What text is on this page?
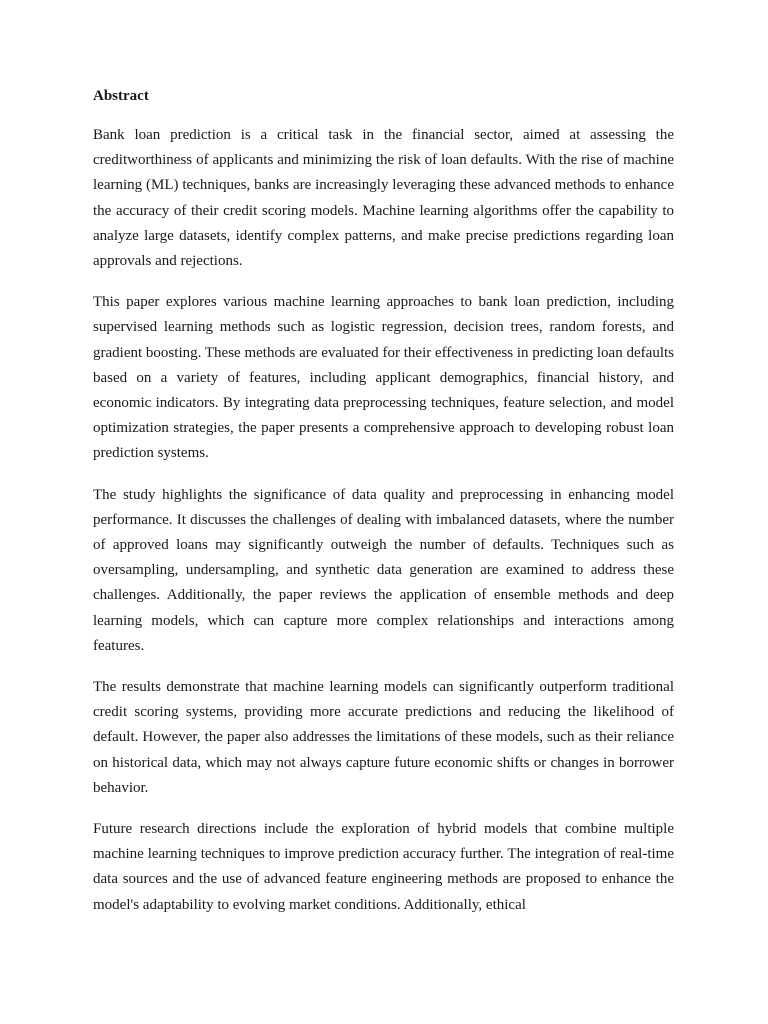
Abstract

Bank loan prediction is a critical task in the financial sector, aimed at assessing the creditworthiness of applicants and minimizing the risk of loan defaults. With the rise of machine learning (ML) techniques, banks are increasingly leveraging these advanced methods to enhance the accuracy of their credit scoring models. Machine learning algorithms offer the capability to analyze large datasets, identify complex patterns, and make precise predictions regarding loan approvals and rejections.

This paper explores various machine learning approaches to bank loan prediction, including supervised learning methods such as logistic regression, decision trees, random forests, and gradient boosting. These methods are evaluated for their effectiveness in predicting loan defaults based on a variety of features, including applicant demographics, financial history, and economic indicators. By integrating data preprocessing techniques, feature selection, and model optimization strategies, the paper presents a comprehensive approach to developing robust loan prediction systems.

The study highlights the significance of data quality and preprocessing in enhancing model performance. It discusses the challenges of dealing with imbalanced datasets, where the number of approved loans may significantly outweigh the number of defaults. Techniques such as oversampling, undersampling, and synthetic data generation are examined to address these challenges. Additionally, the paper reviews the application of ensemble methods and deep learning models, which can capture more complex relationships and interactions among features.

The results demonstrate that machine learning models can significantly outperform traditional credit scoring systems, providing more accurate predictions and reducing the likelihood of default. However, the paper also addresses the limitations of these models, such as their reliance on historical data, which may not always capture future economic shifts or changes in borrower behavior.

Future research directions include the exploration of hybrid models that combine multiple machine learning techniques to improve prediction accuracy further. The integration of real-time data sources and the use of advanced feature engineering methods are proposed to enhance the model's adaptability to evolving market conditions. Additionally, ethical
